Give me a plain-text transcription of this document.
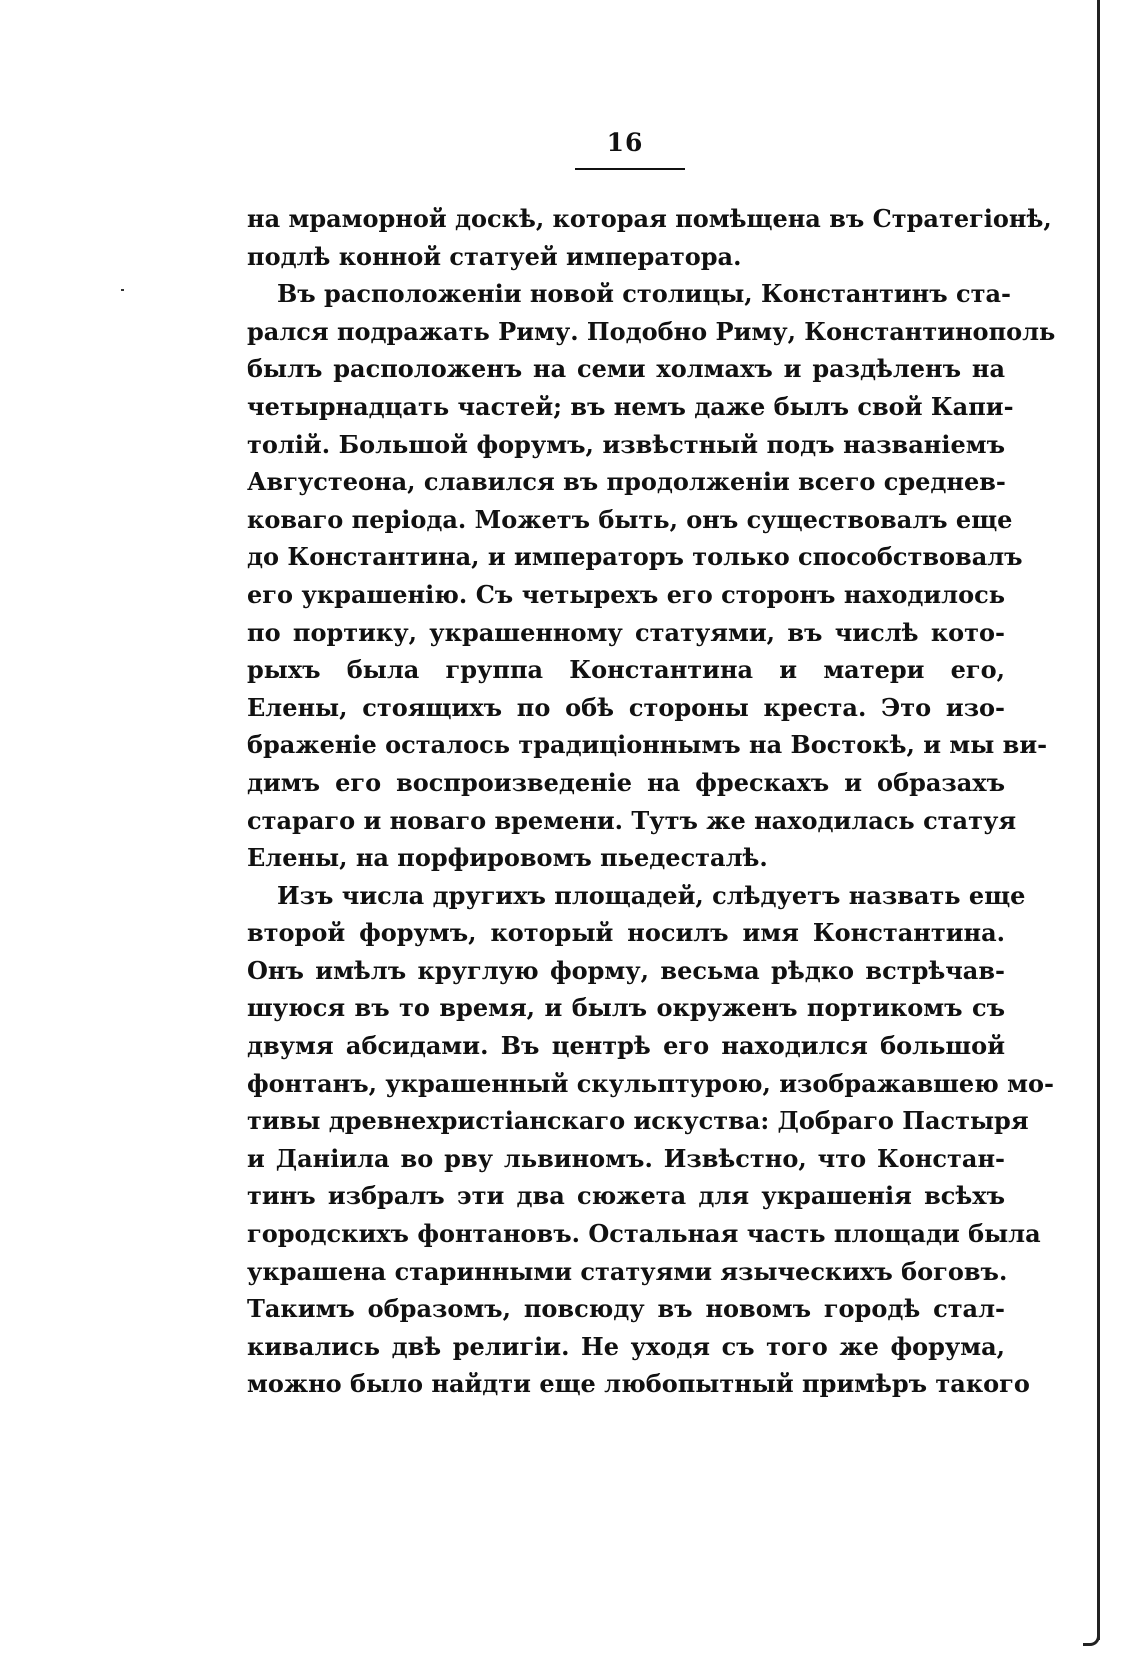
16
на мраморной доскѣ, которая помѣщена въ Стратегіонѣ,
подлѣ конной статуей императора.
Въ расположеніи новой столицы, Константинъ ста-
рался подражать Риму. Подобно Риму, Константинополь
былъ расположенъ на семи холмахъ и раздѣленъ на
четырнадцать частей; въ немъ даже былъ свой Капи-
толій. Большой форумъ, извѣстный подъ названіемъ
Августеона, славился въ продолженіи всего среднев-
коваго періода. Можетъ быть, онъ существовалъ еще
до Константина, и императоръ только способствовалъ
его украшенію. Съ четырехъ его сторонъ находилось
по портику, украшенному статуями, въ числѣ кото-
рыхъ была группа Константина и матери его,
Елены, стоящихъ по обѣ стороны креста. Это изо-
браженіе осталось традиціоннымъ на Востокѣ, и мы ви-
димъ его воспроизведеніе на фрескахъ и образахъ
стараго и новаго времени. Тутъ же находилась статуя
Елены, на порфировомъ пьедесталѣ.
Изъ числа другихъ площадей, слѣдуетъ назвать еще
второй форумъ, который носилъ имя Константина.
Онъ имѣлъ круглую форму, весьма рѣдко встрѣчав-
шуюся въ то время, и былъ окруженъ портикомъ съ
двумя абсидами. Въ центрѣ его находился большой
фонтанъ, украшенный скульптурою, изображавшею мо-
тивы древнехристіанскаго искуства: Добраго Пастыря
и Даніила во рву львиномъ. Извѣстно, что Констан-
тинъ избралъ эти два сюжета для украшенія всѣхъ
городскихъ фонтановъ. Остальная часть площади была
украшена старинными статуями языческихъ боговъ.
Такимъ образомъ, повсюду въ новомъ городѣ стал-
кивались двѣ религіи. Не уходя съ того же форума,
можно было найдти еще любопытный примѣръ такого
